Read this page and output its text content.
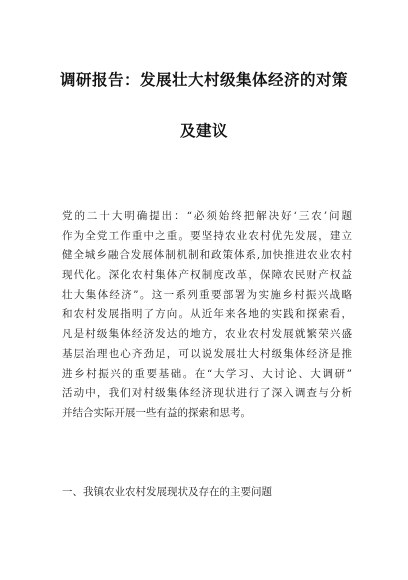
调研报告：发展壮大村级集体经济的对策
及建议
党的二十大明确提出：“必须始终把解决好‘三农’问题
作为全党工作重中之重。要坚持农业农村优先发展，建立
健全城乡融合发展体制机制和政策体系,加快推进农业农村
现代化。深化农村集体产权制度改革，保障农民财产权益
壮大集体经济”。这一系列重要部署为实施乡村振兴战略
和农村发展指明了方向。从近年来各地的实践和探索看，
凡是村级集体经济发达的地方，农业农村发展就繁荣兴盛
基层治理也心齐劲足，可以说发展壮大村级集体经济是推
进乡村振兴的重要基础。在“大学习、大讨论、大调研”
活动中，我们对村级集体经济现状进行了深入调查与分析
并结合实际开展一些有益的探索和思考。
一、我镇农业农村发展现状及存在的主要问题
